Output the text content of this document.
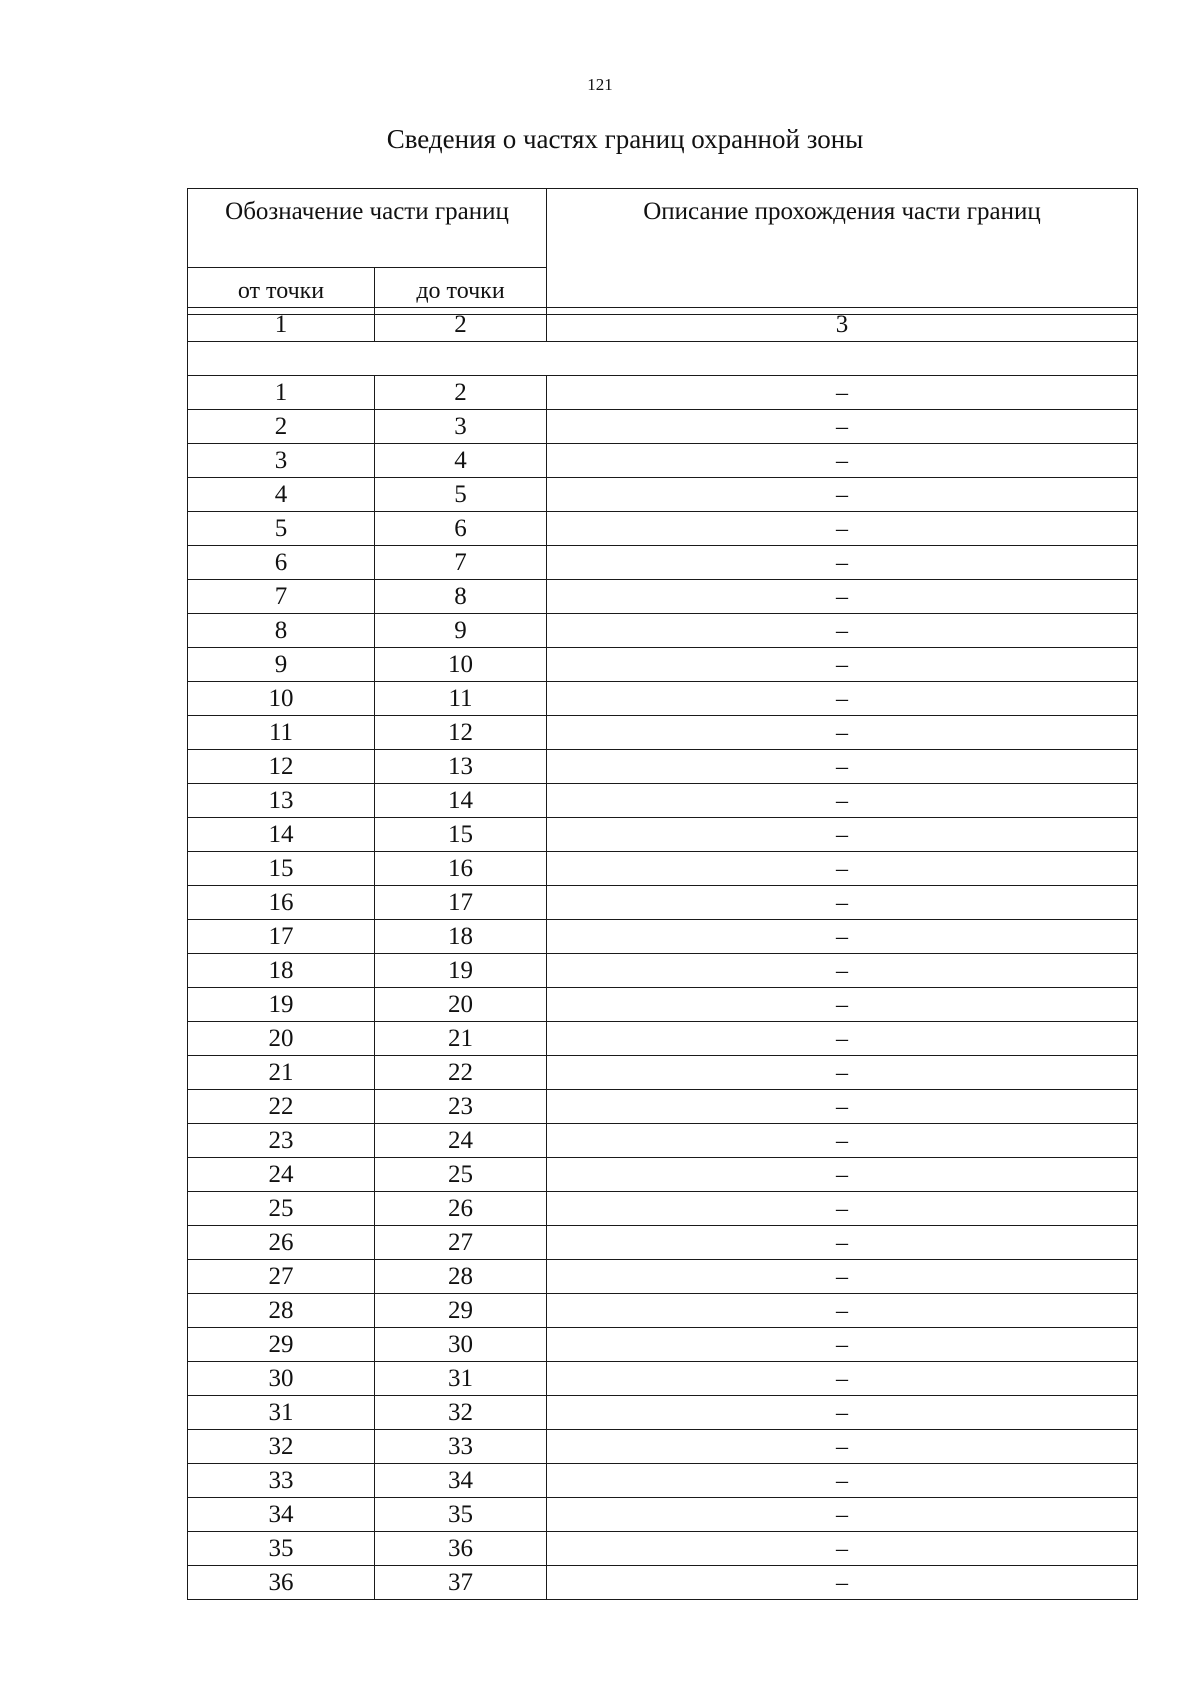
121
Сведения о частях границ охранной зоны
Обозначение части границ		Описание прохождения части границ
от точки	до точки	
1	2	3

1	2	–
2	3	–
3	4	–
4	5	–
5	6	–
6	7	–
7	8	–
8	9	–
9	10	–
10	11	–
11	12	–
12	13	–
13	14	–
14	15	–
15	16	–
16	17	–
17	18	–
18	19	–
19	20	–
20	21	–
21	22	–
22	23	–
23	24	–
24	25	–
25	26	–
26	27	–
27	28	–
28	29	–
29	30	–
30	31	–
31	32	–
32	33	–
33	34	–
34	35	–
35	36	–
36	37	–
